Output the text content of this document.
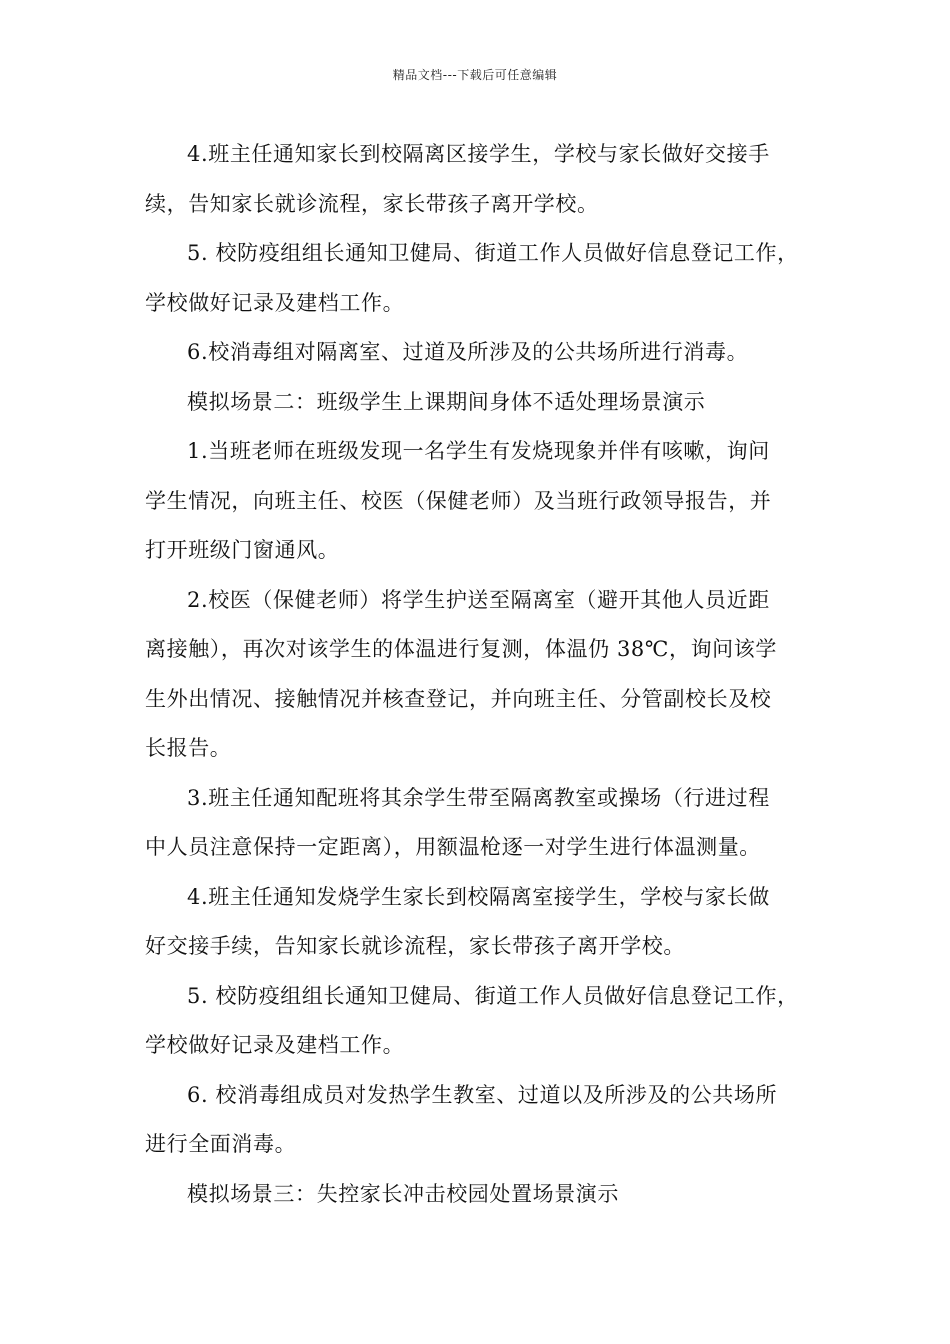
精品文档---下载后可任意编辑

4.班主任通知家长到校隔离区接学生，学校与家长做好交接手
续，告知家长就诊流程，家长带孩子离开学校。

5. 校防疫组组长通知卫健局、街道工作人员做好信息登记工作，
学校做好记录及建档工作。

6.校消毒组对隔离室、过道及所涉及的公共场所进行消毒。

模拟场景二：班级学生上课期间身体不适处理场景演示

1.当班老师在班级发现一名学生有发烧现象并伴有咳嗽，询问
学生情况，向班主任、校医（保健老师）及当班行政领导报告，并
打开班级门窗通风。

2.校医（保健老师）将学生护送至隔离室（避开其他人员近距
离接触），再次对该学生的体温进行复测，体温仍 38℃，询问该学
生外出情况、接触情况并核查登记，并向班主任、分管副校长及校
长报告。

3.班主任通知配班将其余学生带至隔离教室或操场（行进过程
中人员注意保持一定距离），用额温枪逐一对学生进行体温测量。

4.班主任通知发烧学生家长到校隔离室接学生，学校与家长做
好交接手续，告知家长就诊流程，家长带孩子离开学校。

5. 校防疫组组长通知卫健局、街道工作人员做好信息登记工作，
学校做好记录及建档工作。

6. 校消毒组成员对发热学生教室、过道以及所涉及的公共场所
进行全面消毒。

模拟场景三：失控家长冲击校园处置场景演示
